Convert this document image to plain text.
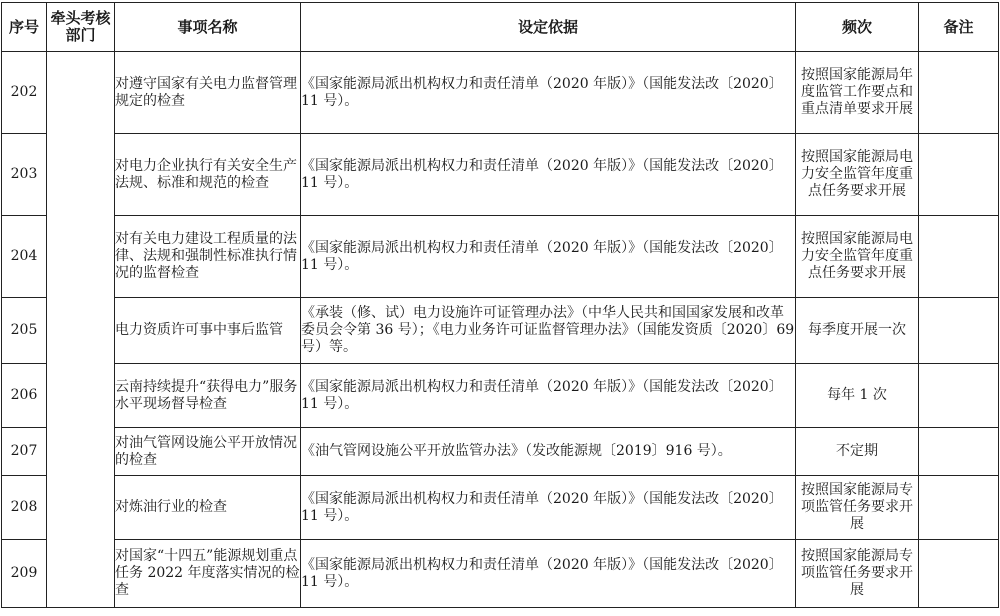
序号	牵头考核部门	事项名称	设定依据	频次	备注
202		对遵守国家有关电力监督管理规定的检查	《国家能源局派出机构权力和责任清单（2020 年版）》（国能发法改〔2020〕11 号）。	按照国家能源局年度监管工作要点和重点清单要求开展	
203		对电力企业执行有关安全生产法规、标准和规范的检查	《国家能源局派出机构权力和责任清单（2020 年版）》（国能发法改〔2020〕11 号）。	按照国家能源局电力安全监管年度重点任务要求开展	
204		对有关电力建设工程质量的法律、法规和强制性标准执行情况的监督检查	《国家能源局派出机构权力和责任清单（2020 年版）》（国能发法改〔2020〕11 号）。	按照国家能源局电力安全监管年度重点任务要求开展	
205		电力资质许可事中事后监管	《承装（修、试）电力设施许可证管理办法》（中华人民共和国国家发展和改革委员会令第 36 号）；《电力业务许可证监督管理办法》（国能发资质〔2020〕69 号）等。	每季度开展一次	
206		云南持续提升“获得电力”服务水平现场督导检查	《国家能源局派出机构权力和责任清单（2020 年版）》（国能发法改〔2020〕11 号）。	每年 1 次	
207		对油气管网设施公平开放情况的检查	《油气管网设施公平开放监管办法》（发改能源规〔2019〕916 号）。	不定期	
208		对炼油行业的检查	《国家能源局派出机构权力和责任清单（2020 年版）》（国能发法改〔2020〕11 号）。	按照国家能源局专项监管任务要求开展	
209		对国家“十四五”能源规划重点任务 2022 年度落实情况的检查	《国家能源局派出机构权力和责任清单（2020 年版）》（国能发法改〔2020〕11 号）。	按照国家能源局专项监管任务要求开展	
